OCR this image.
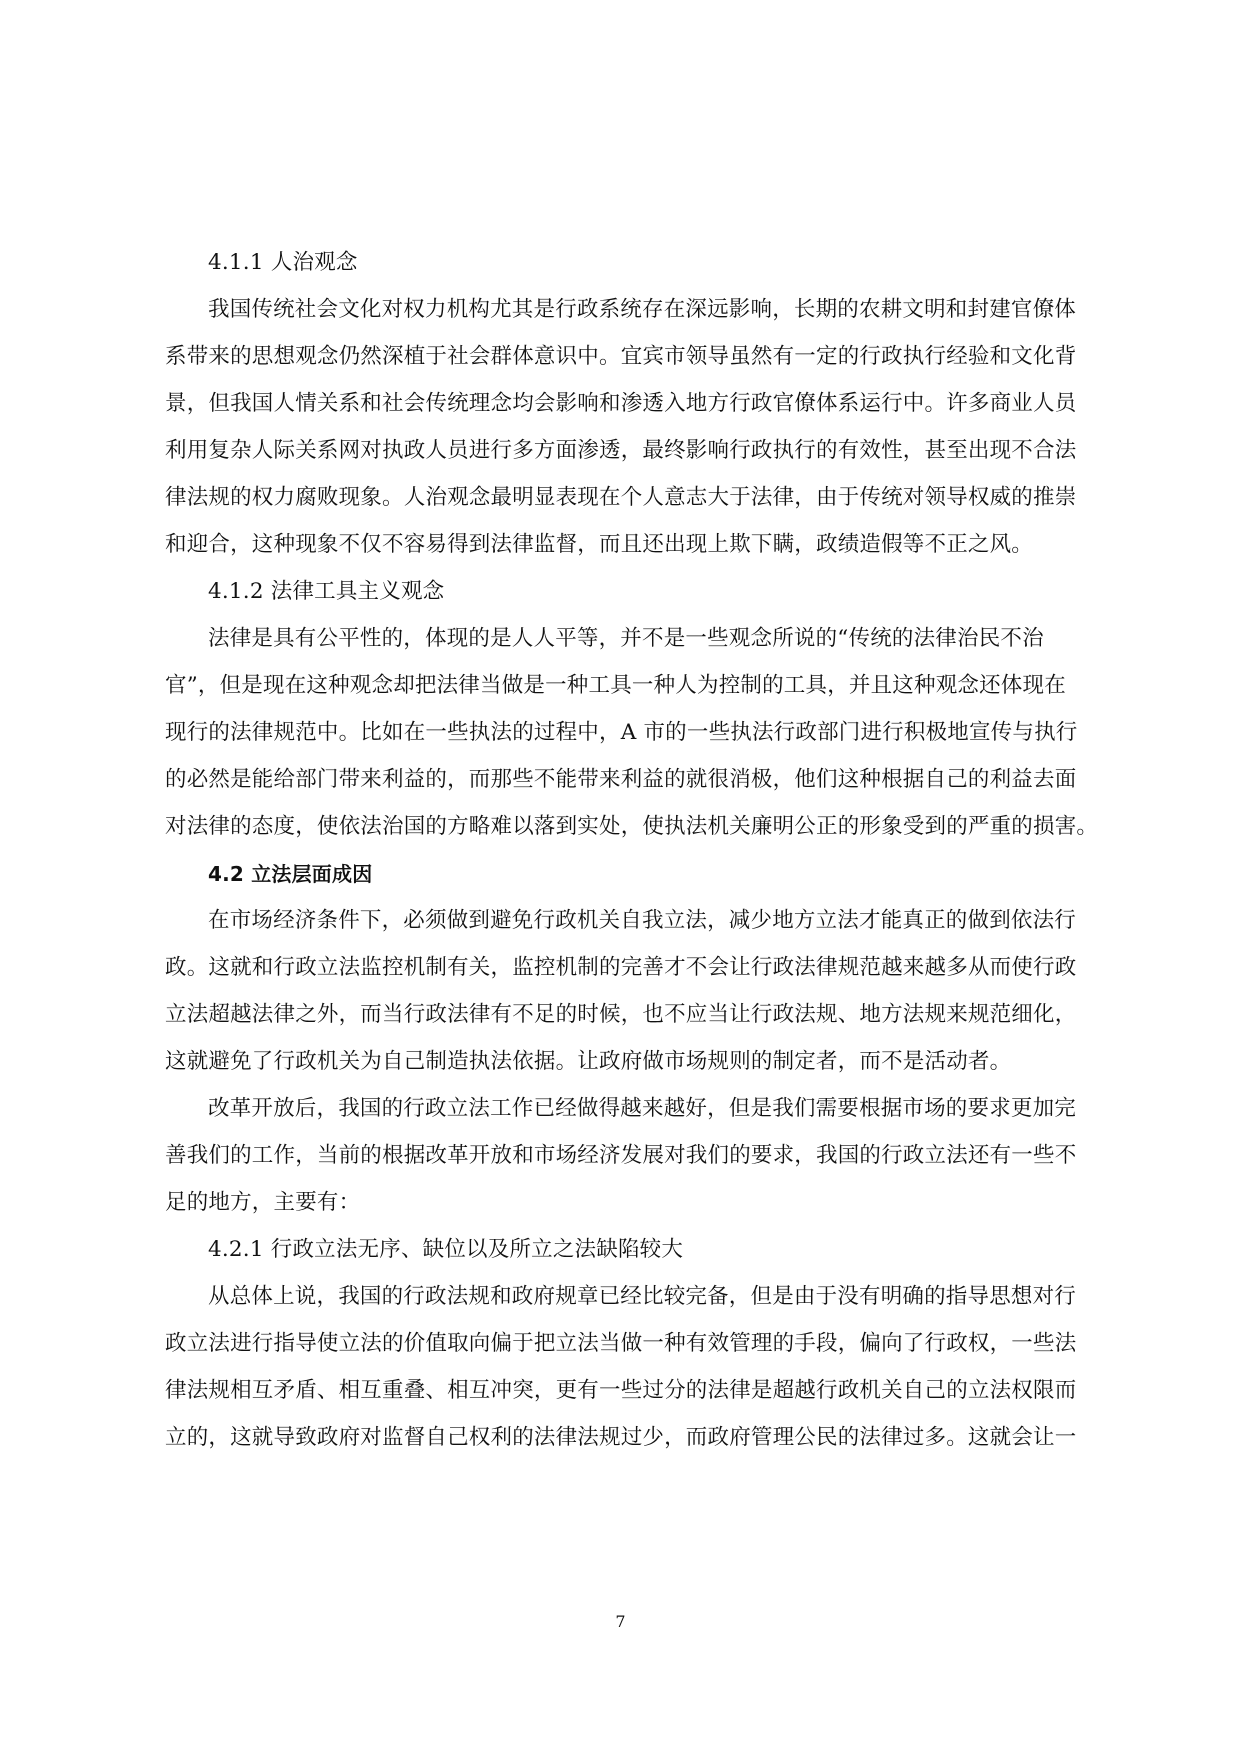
4.1.1 人治观念
我国传统社会文化对权力机构尤其是行政系统存在深远影响，长期的农耕文明和封建官僚体
系带来的思想观念仍然深植于社会群体意识中。宜宾市领导虽然有一定的行政执行经验和文化背
景，但我国人情关系和社会传统理念均会影响和渗透入地方行政官僚体系运行中。许多商业人员
利用复杂人际关系网对执政人员进行多方面渗透，最终影响行政执行的有效性，甚至出现不合法
律法规的权力腐败现象。人治观念最明显表现在个人意志大于法律，由于传统对领导权威的推崇
和迎合，这种现象不仅不容易得到法律监督，而且还出现上欺下瞒，政绩造假等不正之风。
4.1.2 法律工具主义观念
法律是具有公平性的，体现的是人人平等，并不是一些观念所说的“传统的法律治民不治
官”，但是现在这种观念却把法律当做是一种工具一种人为控制的工具，并且这种观念还体现在
现行的法律规范中。比如在一些执法的过程中，A 市的一些执法行政部门进行积极地宣传与执行
的必然是能给部门带来利益的，而那些不能带来利益的就很消极，他们这种根据自己的利益去面
对法律的态度，使依法治国的方略难以落到实处，使执法机关廉明公正的形象受到的严重的损害。
4.2 立法层面成因
在市场经济条件下，必须做到避免行政机关自我立法，减少地方立法才能真正的做到依法行
政。这就和行政立法监控机制有关，监控机制的完善才不会让行政法律规范越来越多从而使行政
立法超越法律之外，而当行政法律有不足的时候，也不应当让行政法规、地方法规来规范细化，
这就避免了行政机关为自己制造执法依据。让政府做市场规则的制定者，而不是活动者。
改革开放后，我国的行政立法工作已经做得越来越好，但是我们需要根据市场的要求更加完
善我们的工作，当前的根据改革开放和市场经济发展对我们的要求，我国的行政立法还有一些不
足的地方，主要有：
4.2.1 行政立法无序、缺位以及所立之法缺陷较大
从总体上说，我国的行政法规和政府规章已经比较完备，但是由于没有明确的指导思想对行
政立法进行指导使立法的价值取向偏于把立法当做一种有效管理的手段，偏向了行政权，一些法
律法规相互矛盾、相互重叠、相互冲突，更有一些过分的法律是超越行政机关自己的立法权限而
立的，这就导致政府对监督自己权利的法律法规过少，而政府管理公民的法律过多。这就会让一
7
